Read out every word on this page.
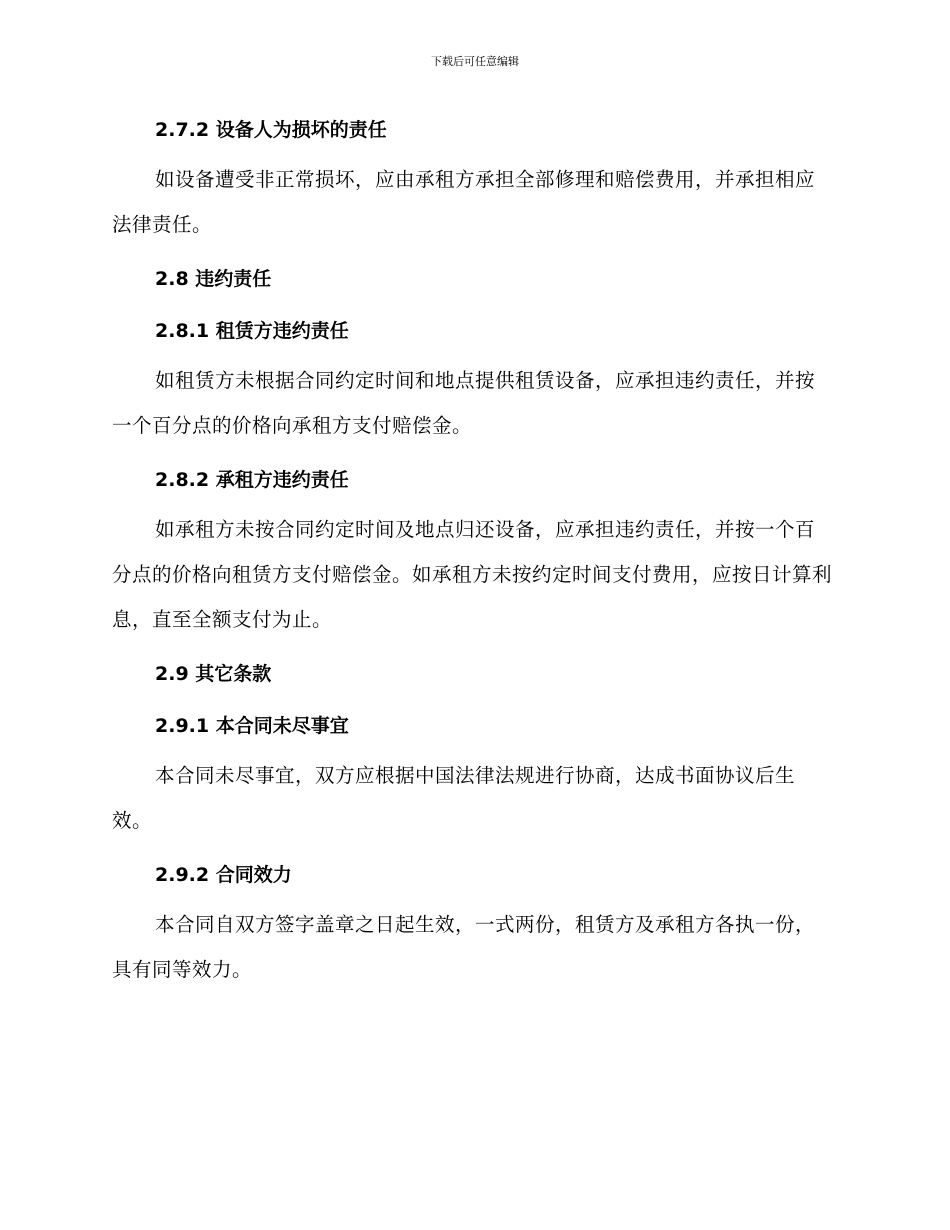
下载后可任意编辑
2.7.2 设备人为损坏的责任

如设备遭受非正常损坏，应由承租方承担全部修理和赔偿费用，并承担相应法律责任。

2.8 违约责任
2.8.1 租赁方违约责任

如租赁方未根据合同约定时间和地点提供租赁设备，应承担违约责任，并按一个百分点的价格向承租方支付赔偿金。

2.8.2 承租方违约责任

如承租方未按合同约定时间及地点归还设备，应承担违约责任，并按一个百分点的价格向租赁方支付赔偿金。如承租方未按约定时间支付费用，应按日计算利息，直至全额支付为止。

2.9 其它条款
2.9.1 本合同未尽事宜

本合同未尽事宜，双方应根据中国法律法规进行协商，达成书面协议后生效。

2.9.2 合同效力

本合同自双方签字盖章之日起生效，一式两份，租赁方及承租方各执一份，具有同等效力。
